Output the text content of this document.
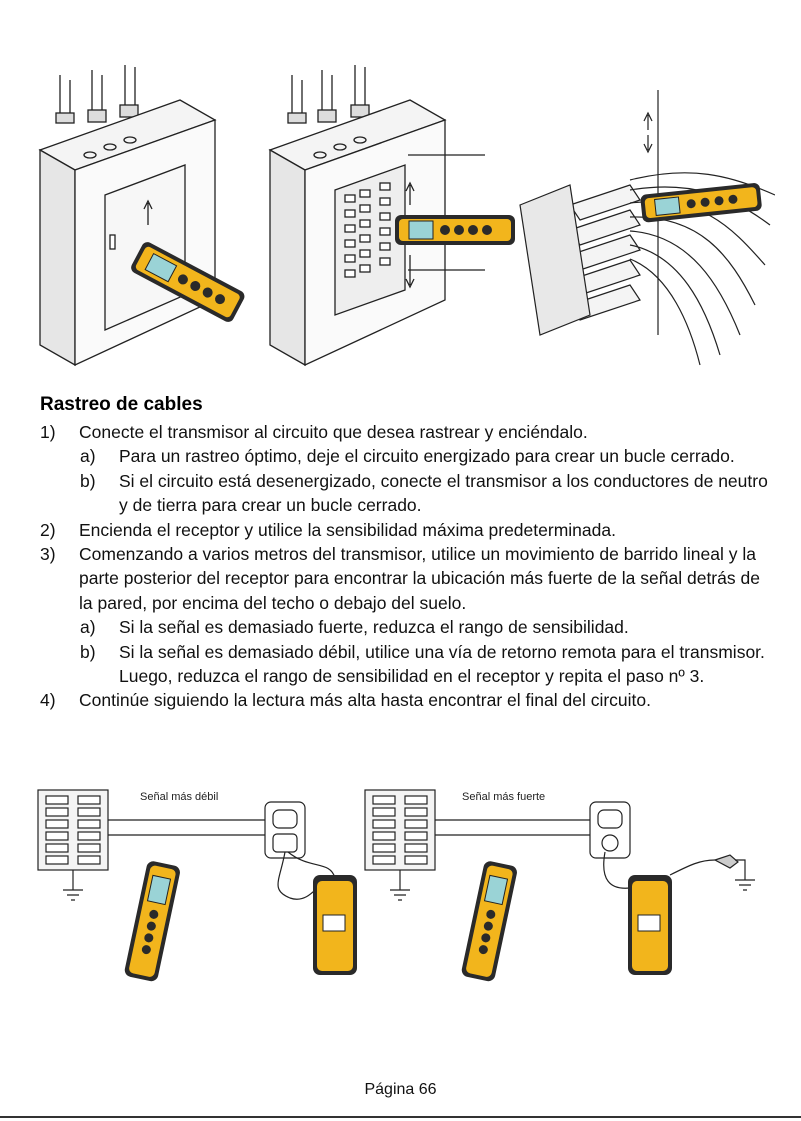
Rastreo de cables
1) Conecte el transmisor al circuito que desea rastrear y enciéndalo.
a) Para un rastreo óptimo, deje el circuito energizado para crear un bucle cerrado.
b) Si el circuito está desenergizado, conecte el transmisor a los conductores de neutro y de tierra para crear un bucle cerrado.
2) Encienda el receptor y utilice la sensibilidad máxima predeterminada.
3) Comenzando a varios metros del transmisor, utilice un movimiento de barrido lineal y la parte posterior del receptor para encontrar la ubicación más fuerte de la señal detrás de la pared, por encima del techo o debajo del suelo.
a) Si la señal es demasiado fuerte, reduzca el rango de sensibilidad.
b) Si la señal es demasiado débil, utilice una vía de retorno remota para el transmisor. Luego, reduzca el rango de sensibilidad en el receptor y repita el paso nº 3.
4) Continúe siguiendo la lectura más alta hasta encontrar el final del circuito.
Señal más débil	Señal más fuerte
Página 66
